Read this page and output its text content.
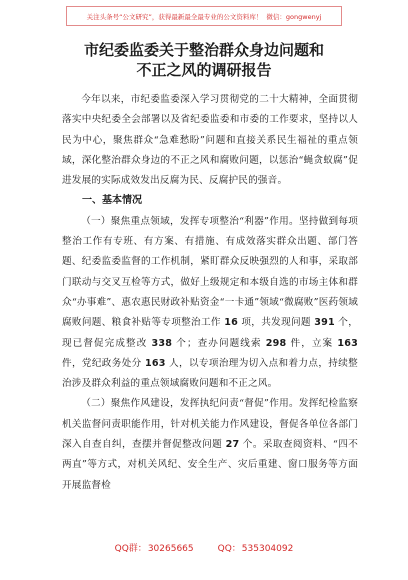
关注头条号“公文研究”，获得最新最全最专业的公文资料库！ 微信：gongwenyj
市纪委监委关于整治群众身边问题和
不正之风的调研报告

今年以来，市纪委监委深入学习贯彻党的二十大精神，全面贯彻落实中央纪委全会部署以及省纪委监委和市委的工作要求，坚持以人民为中心，聚焦群众“急难愁盼”问题和直接关系民生福祉的重点领域，深化整治群众身边的不正之风和腐败问题，以惩治“蝇贪蚁腐”促进发展的实际成效发出反腐为民、反腐护民的强音。

一、基本情况

（一）聚焦重点领域，发挥专项整治“利器”作用。坚持做到每项整治工作有专班、有方案、有措施、有成效落实群众出题、部门答题、纪委监委监督的工作机制，紧盯群众反映强烈的人和事，采取部门联动与交叉互检等方式，做好上级规定和本级自选的市场主体和群众“办事难”、惠农惠民财政补贴资金“一卡通”领域“微腐败”医药领域腐败问题、粮食补贴等专项整治工作 16 项，共发现问题 391 个，现已督促完成整改 338 个；查办问题线索 298 件，立案 163 件，党纪政务处分 163 人，以专项治理为切入点和着力点，持续整治涉及群众利益的重点领域腐败问题和不正之风。

（二）聚焦作风建设，发挥执纪问责“督促”作用。发挥纪检监察机关监督问责职能作用，针对机关能力作风建设，督促各单位各部门深入自查自纠，查摆并督促整改问题 27 个。采取查阅资料、“四不两直”等方式，对机关风纪、安全生产、灾后重建、窗口服务等方面开展监督检

QQ群：30265665	QQ：535304092
